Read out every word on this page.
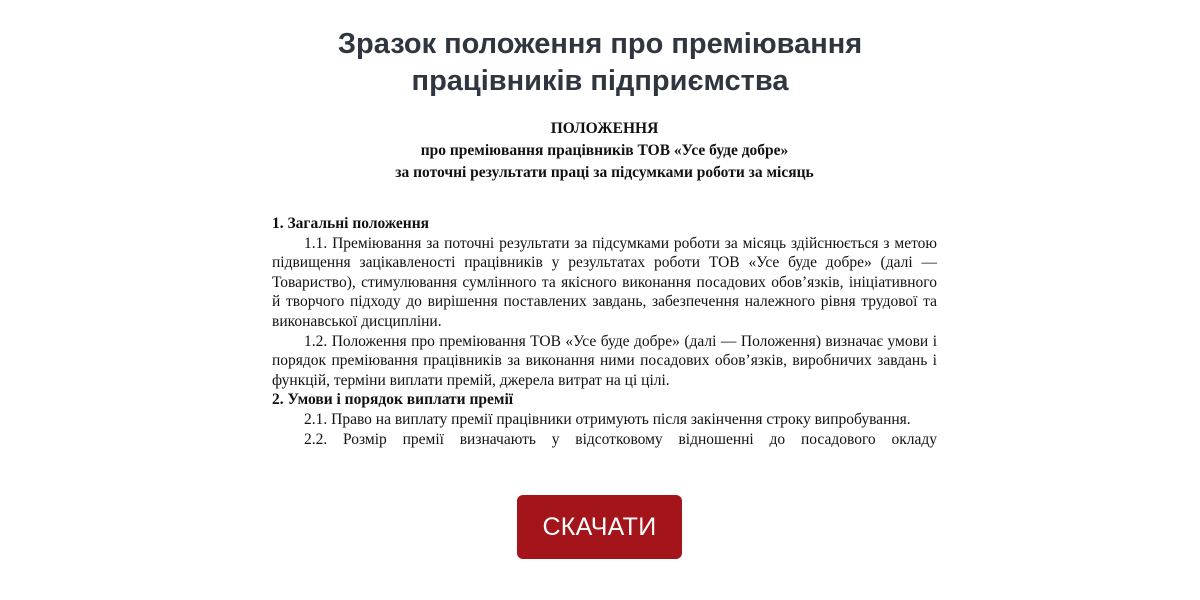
Зразок положення про преміювання
працівників підприємства
ПОЛОЖЕННЯ
про преміювання працівників ТОВ «Усе буде добре»
за поточні результати праці за підсумками роботи за місяць

1. Загальні положення

1.1. Преміювання за поточні результати за підсумками роботи за місяць здійснюється з метою підвищення зацікавленості працівників у результатах роботи ТОВ «Усе буде добре» (далі — Товариство), стимулювання сумлінного та якісного виконання посадових обов’язків, ініціативного й творчого підходу до вирішення поставлених завдань, забезпечення належного рівня трудової та виконавської дисципліни.

1.2. Положення про преміювання ТОВ «Усе буде добре» (далі — Положення) визначає умови і порядок преміювання працівників за виконання ними посадових обов’язків, виробничих завдань і функцій, терміни виплати премій, джерела витрат на ці цілі.

2. Умови і порядок виплати премії

2.1. Право на виплату премії працівники отримують після закінчення строку випробування.

2.2. Розмір премії визначають у відсотковому відношенні до посадового окладу

СКАЧАТИ
